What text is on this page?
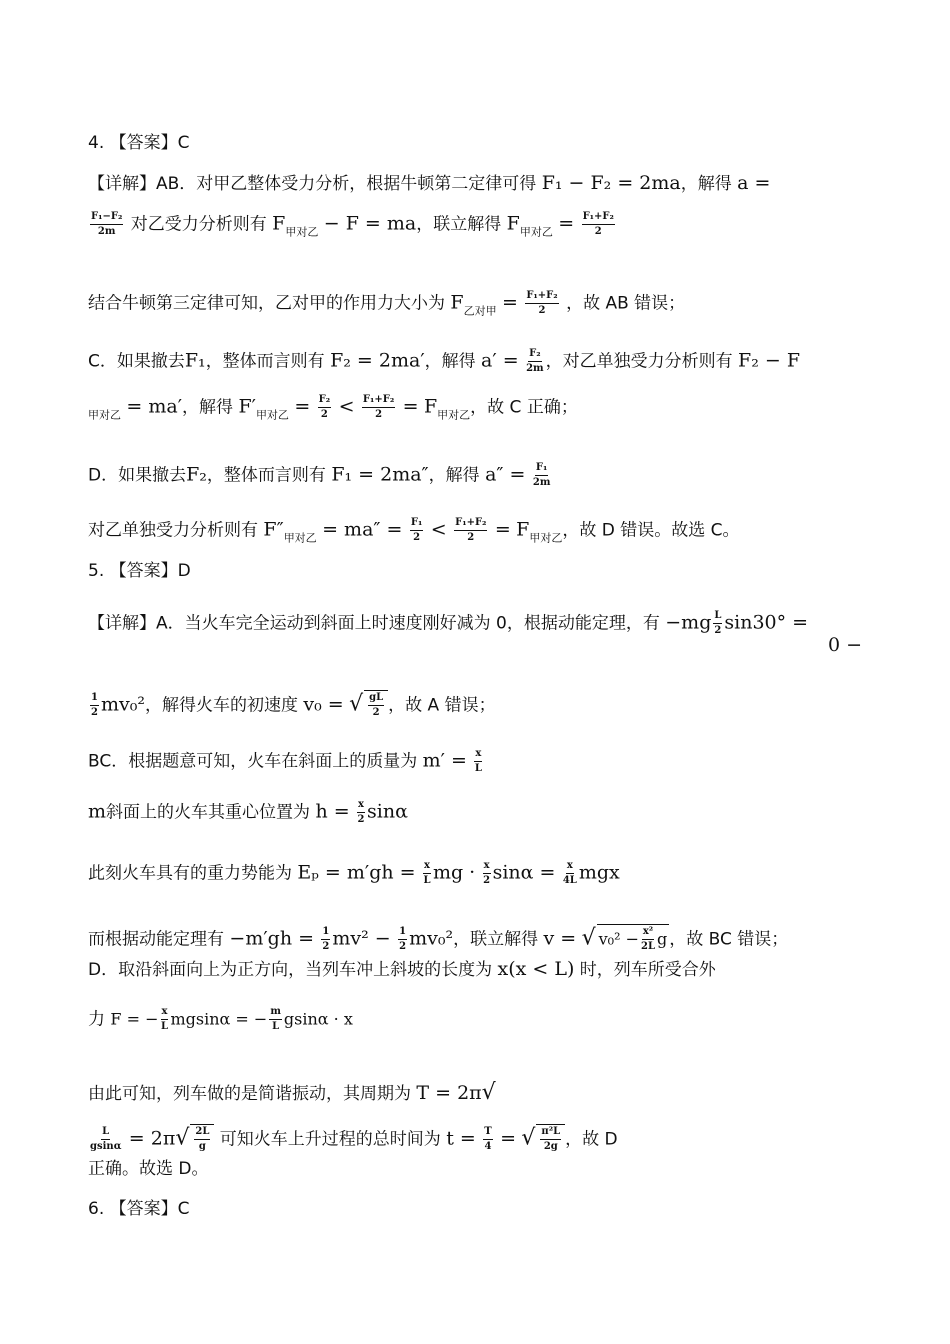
4. 【答案】C
【详解】AB．对甲乙整体受力分析，根据牛顿第二定律可得 F₁ − F₂ = 2ma，解得 a =
$\frac{\text{F₁−F₂}}{2m}$ 对乙受力分析则有 $F_{甲对乙} - F$ = ma，联立解得 $F_{甲对乙} = \frac{\text{F₁+F₂}}{2}$
结合牛顿第三定律可知，乙对甲的作用力大小为 $F_{乙对甲} = \frac{\text{F₁+F₂}}{2}$ ，故 AB 错误；
C．如果撤去F₁，整体而言则有 F₂ = 2ma′，解得 $a' = \frac{\text{F₂}}{2m}$ ，对乙单独受力分析则有 F₂ − F
$_{甲对乙}$ = ma′，解得 $F'_{甲对乙} = \frac{\text{F₂}}{2} < \frac{\text{F₁+F₂}}{2} = F_{甲对乙}$，故 C 正确；
D．如果撤去F₂，整体而言则有 F₁ = 2ma″，解得 $a'' = \frac{\text{F₁}}{2m}$
对乙单独受力分析则有 $F''_{甲对乙} = ma'' = \frac{\text{F₁}}{2} < \frac{\text{F₁+F₂}}{2} = F_{甲对乙}$，故 D 错误。故选 C。
5. 【答案】D
【详解】A．当火车完全运动到斜面上时速度刚好减为 0，根据动能定理，有 $-mg \frac{L}{2} \sin 30^\circ$ =
0 −
$\frac{1}{2} mv_0^2$，解得火车的初速度 v₀ = √ $\frac{gL}{2}$ ，故 A 错误；
BC．根据题意可知，火车在斜面上的质量为 $m' = \frac{x}{L}$
m斜面上的火车其重心位置为 $h = \frac{x}{2}$ sinα
此刻火车具有的重力势能为 $E_p = m'gh = \frac{x}{L}$ mg · $\frac{x}{2}$ $\sin\alpha = \frac{x}{4L}$ mgx
而根据动能定理有 $-m'gh = \frac{1}{2} mv^2 - \frac{1}{2} mv_0^2$，联立解得 v = √ $v_0^2 - \frac{\text{x²}}{2L}$ g ，故 BC 错误；
D．取沿斜面向上为正方向，当列车冲上斜坡的长度为 x(x < L) 时，列车所受合外
力 F = − $\frac{x}{L}$ mgsinα = − $\frac{m}{L}$ gsinα · x
由此可知，列车做的是简谐振动，其周期为 T = 2π√
$\frac{L}{gsin\alpha} = 2\pi√ \frac{2L}{g}$ 可知火车上升过程的总时间为 $t = \frac{T}{4}$ = √ $\frac{\text{π²L}}{2g}$ ，故 D
正确。故选 D。
6. 【答案】C
